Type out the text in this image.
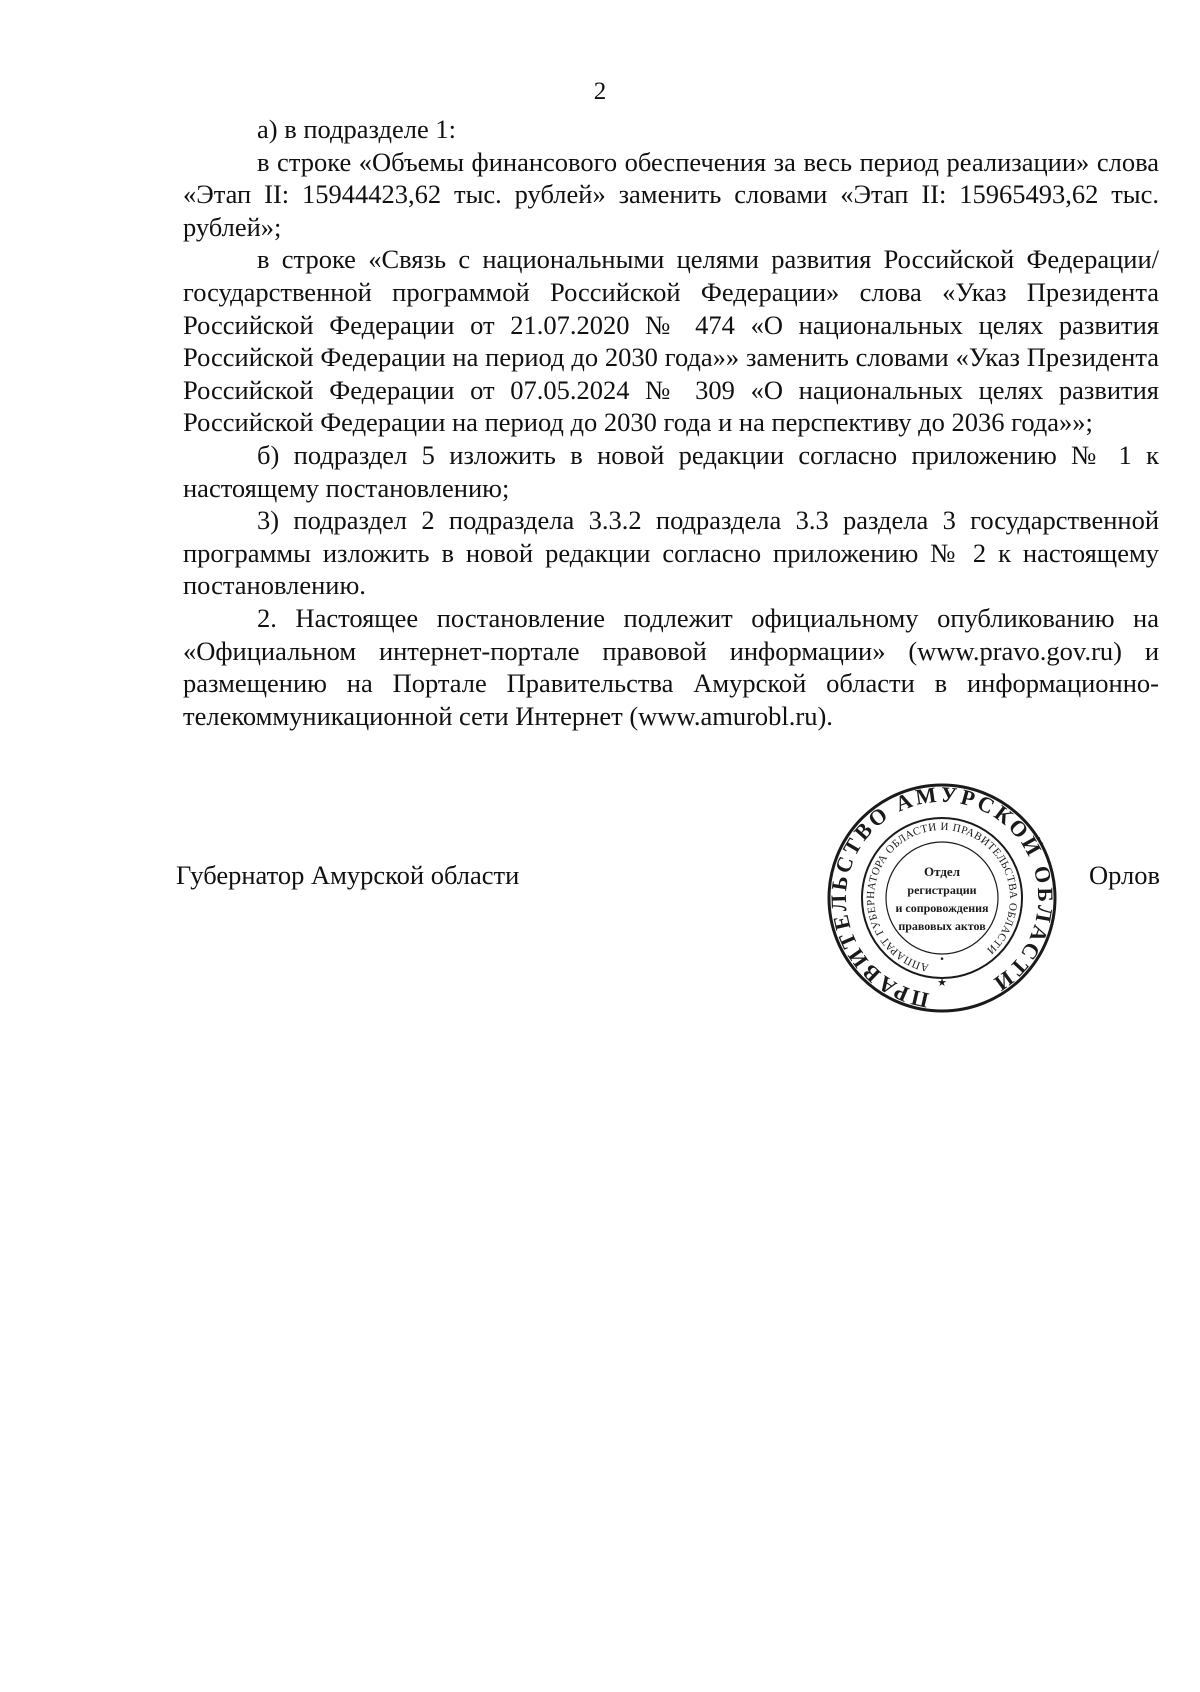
2

а) в подразделе 1:

в строке «Объемы финансового обеспечения за весь период реализации» слова «Этап II: 15944423,62 тыс. рублей» заменить словами «Этап II: 15965493,62 тыс. рублей»;

в строке «Связь с национальными целями развития Российской Федерации/государственной программой Российской Федерации» слова «Указ Президента Российской Федерации от 21.07.2020 № 474 «О национальных целях развития Российской Федерации на период до 2030 года»» заменить словами «Указ Президента Российской Федерации от 07.05.2024 № 309 «О национальных целях развития Российской Федерации на период до 2030 года и на перспективу до 2036 года»»;

б) подраздел 5 изложить в новой редакции согласно приложению № 1 к настоящему постановлению;

3) подраздел 2 подраздела 3.3.2 подраздела 3.3 раздела 3 государственной программы изложить в новой редакции согласно приложению № 2 к настоящему постановлению.

2. Настоящее постановление подлежит официальному опубликованию на «Официальном интернет-портале правовой информации» (www.pravo.gov.ru) и размещению на Портале Правительства Амурской области в информационно-телекоммуникационной сети Интернет (www.amurobl.ru).

Губернатор Амурской области
ПРАВИТЕЛЬСТВО АМУРСКОЙ ОБЛАСТИ
АППАРАТ ГУБЕРНАТОРА ОБЛАСТИ И ПРАВИТЕЛЬСТВА ОБЛАСТИ
Отдел
регистрации
и сопровождения
правовых актов
★
•
Орлов
